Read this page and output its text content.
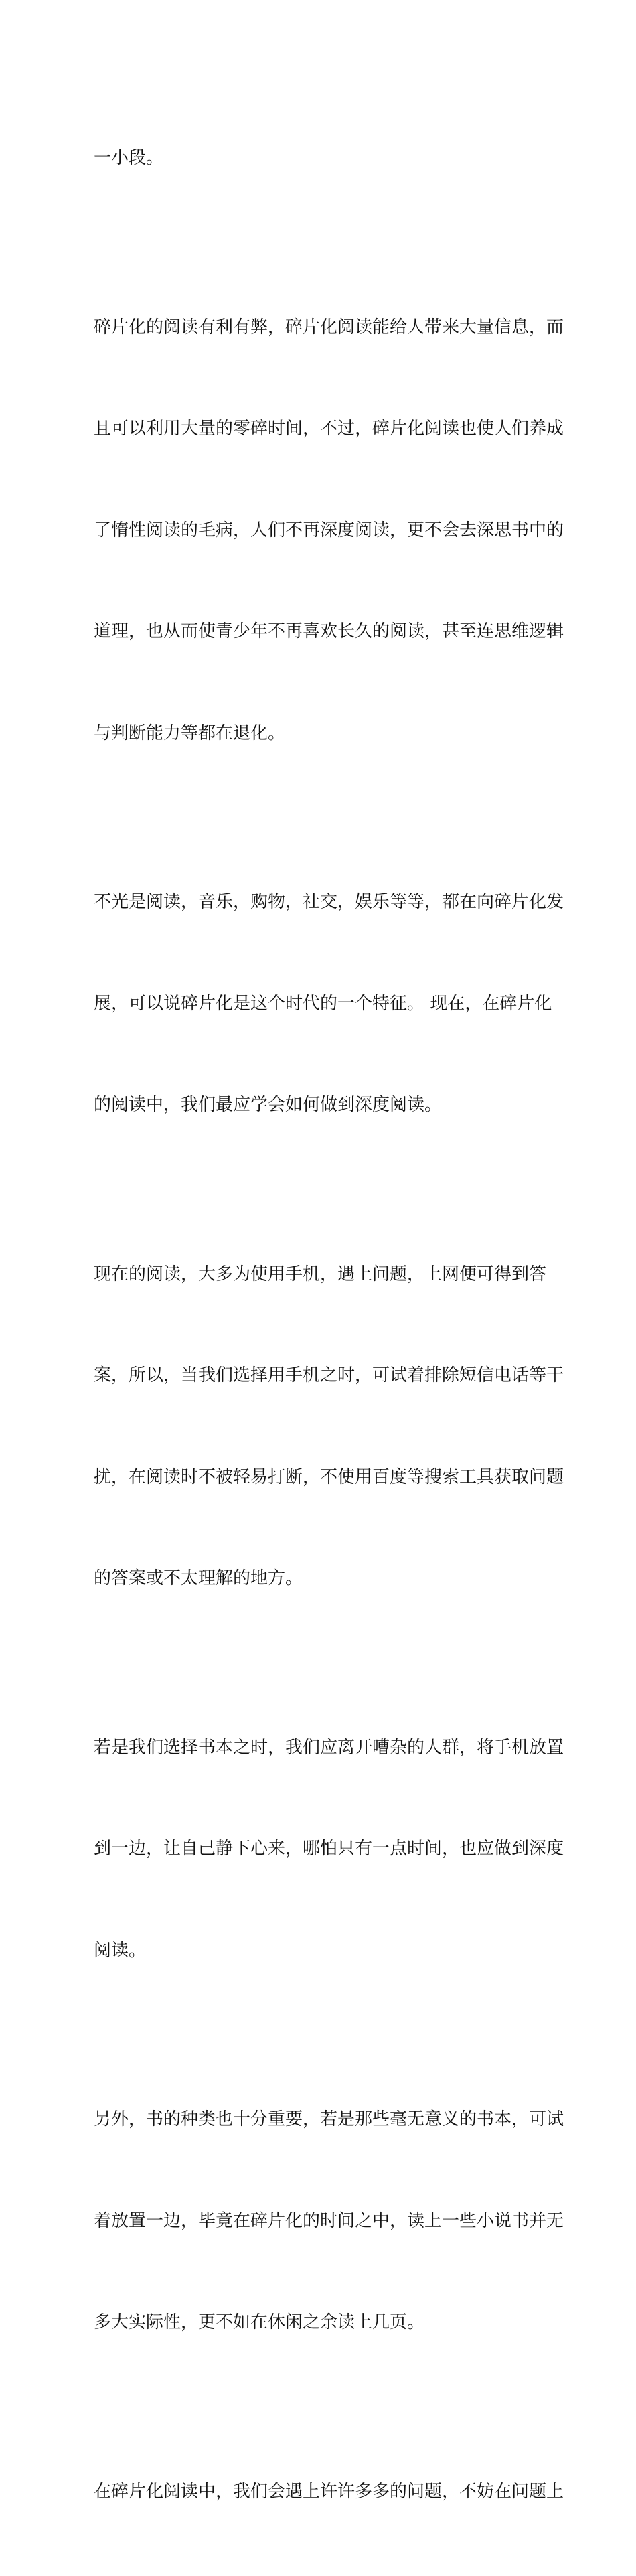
一小段。

碎片化的阅读有利有弊，碎片化阅读能给人带来大量信息，而

且可以利用大量的零碎时间，不过，碎片化阅读也使人们养成

了惰性阅读的毛病，人们不再深度阅读，更不会去深思书中的

道理，也从而使青少年不再喜欢长久的阅读，甚至连思维逻辑

与判断能力等都在退化。

不光是阅读，音乐，购物，社交，娱乐等等，都在向碎片化发

展，可以说碎片化是这个时代的一个特征。 现在，在碎片化

的阅读中，我们最应学会如何做到深度阅读。

现在的阅读，大多为使用手机，遇上问题，上网便可得到答

案，所以，当我们选择用手机之时，可试着排除短信电话等干

扰，在阅读时不被轻易打断，不使用百度等搜索工具获取问题

的答案或不太理解的地方。

若是我们选择书本之时，我们应离开嘈杂的人群，将手机放置

到一边，让自己静下心来，哪怕只有一点时间，也应做到深度

阅读。

另外，书的种类也十分重要，若是那些毫无意义的书本，可试

着放置一边，毕竟在碎片化的时间之中，读上一些小说书并无

多大实际性，更不如在休闲之余读上几页。

在碎片化阅读中，我们会遇上许许多多的问题，不妨在问题上
